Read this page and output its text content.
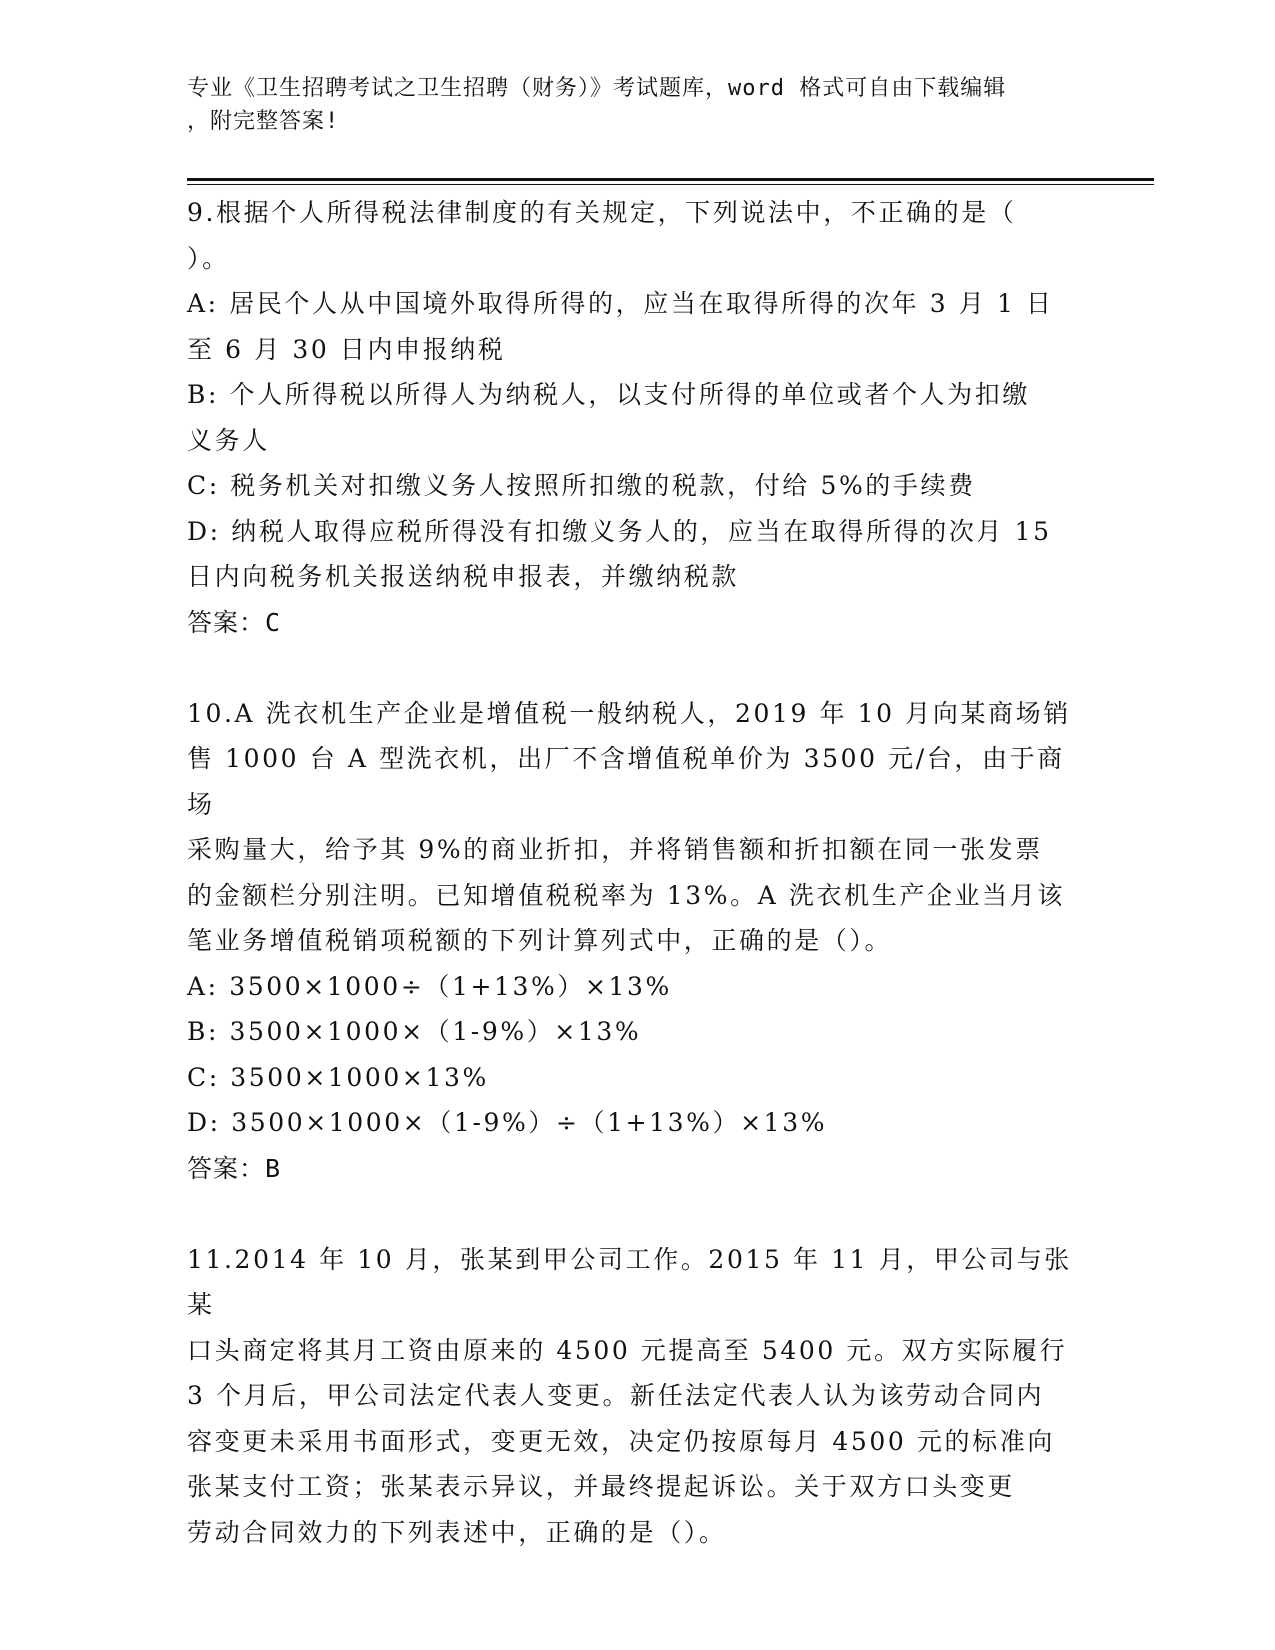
专业《卫生招聘考试之卫生招聘（财务）》考试题库，word 格式可自由下载编辑
，附完整答案!

9.根据个人所得税法律制度的有关规定，下列说法中，不正确的是（

）。

A: 居民个人从中国境外取得所得的，应当在取得所得的次年 3 月 1 日

至 6 月 30 日内申报纳税

B: 个人所得税以所得人为纳税人，以支付所得的单位或者个人为扣缴

义务人

C: 税务机关对扣缴义务人按照所扣缴的税款，付给 5%的手续费

D: 纳税人取得应税所得没有扣缴义务人的，应当在取得所得的次月 15

日内向税务机关报送纳税申报表，并缴纳税款

答案：C

10.A 洗衣机生产企业是增值税一般纳税人，2019 年 10 月向某商场销

售 1000 台 A 型洗衣机，出厂不含增值税单价为 3500 元/台，由于商场

采购量大，给予其 9%的商业折扣，并将销售额和折扣额在同一张发票

的金额栏分别注明。已知增值税税率为 13%。A 洗衣机生产企业当月该

笔业务增值税销项税额的下列计算列式中，正确的是（）。

A: 3500×1000÷（1+13%）×13%

B: 3500×1000×（1-9%）×13%

C: 3500×1000×13%

D: 3500×1000×（1-9%）÷（1+13%）×13%

答案：B

11.2014 年 10 月，张某到甲公司工作。2015 年 11 月，甲公司与张某

口头商定将其月工资由原来的 4500 元提高至 5400 元。双方实际履行

3 个月后，甲公司法定代表人变更。新任法定代表人认为该劳动合同内

容变更未采用书面形式，变更无效，决定仍按原每月 4500 元的标准向

张某支付工资；张某表示异议，并最终提起诉讼。关于双方口头变更

劳动合同效力的下列表述中，正确的是（）。
